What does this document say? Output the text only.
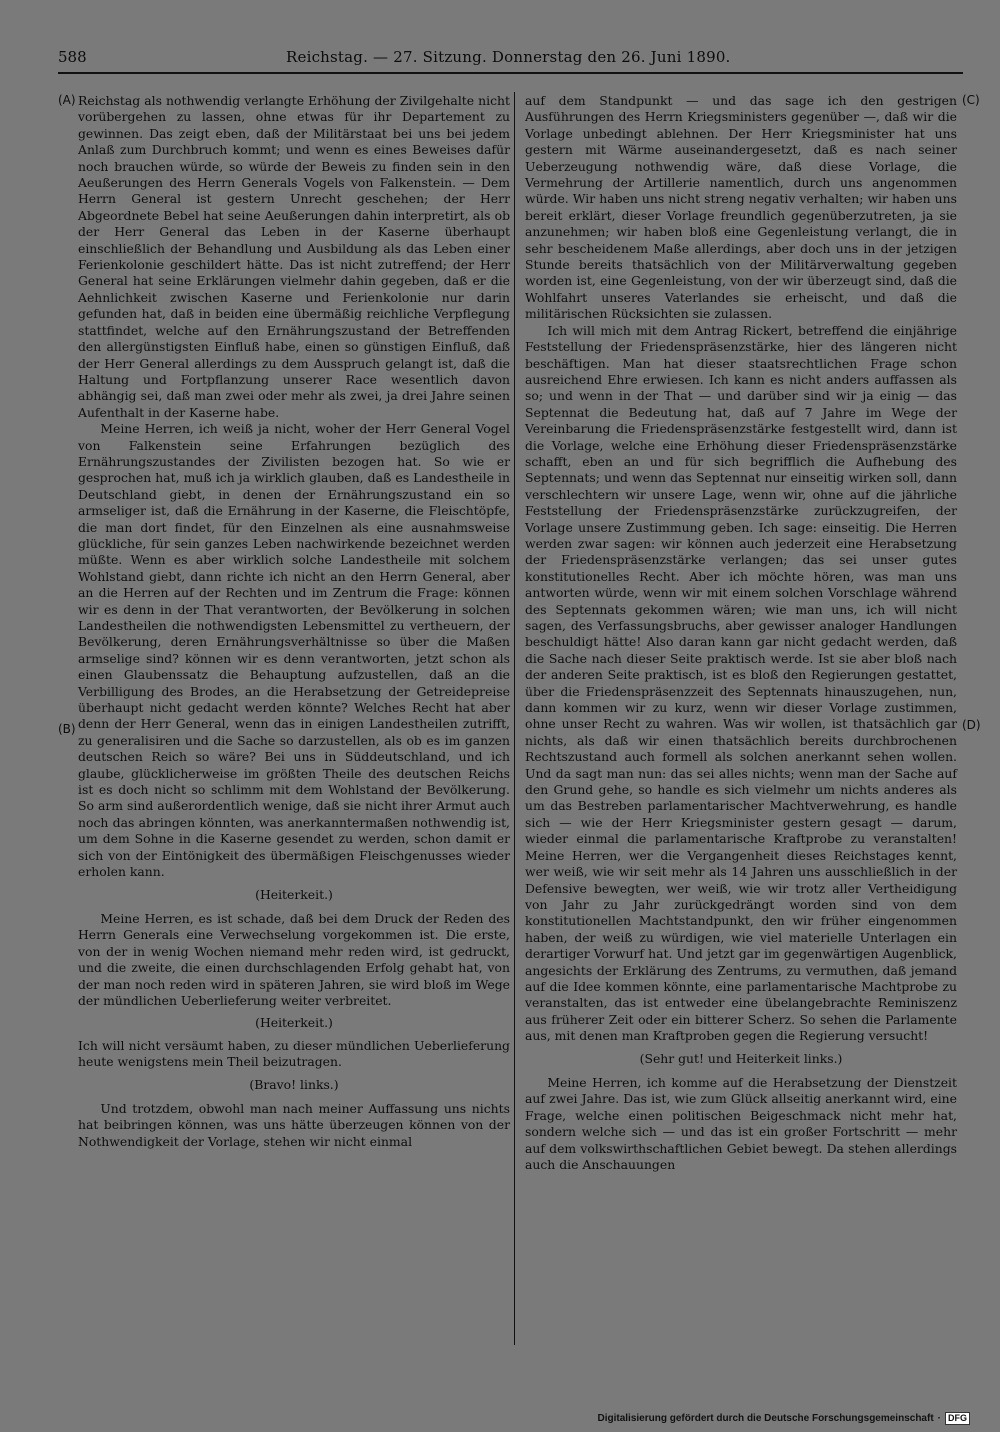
588	Reichstag. — 27. Sitzung. Donnerstag den 26. Juni 1890.
(A)
(B)
(C)
(D)

Reichstag als nothwendig verlangte Erhöhung der Zivilgehalte nicht vorübergehen zu lassen, ohne etwas für ihr Departement zu gewinnen. Das zeigt eben, daß der Militärstaat bei uns bei jedem Anlaß zum Durchbruch kommt; und wenn es eines Beweises dafür noch brauchen würde, so würde der Beweis zu finden sein in den Aeußerungen des Herrn Generals Vogels von Falkenstein. — Dem Herrn General ist gestern Unrecht geschehen; der Herr Abgeordnete Bebel hat seine Aeußerungen dahin interpretirt, als ob der Herr General das Leben in der Kaserne überhaupt einschließlich der Behandlung und Ausbildung als das Leben einer Ferienkolonie geschildert hätte. Das ist nicht zutreffend; der Herr General hat seine Erklärungen vielmehr dahin gegeben, daß er die Aehnlichkeit zwischen Kaserne und Ferienkolonie nur darin gefunden hat, daß in beiden eine übermäßig reichliche Verpflegung stattfindet, welche auf den Ernährungszustand der Betreffenden den allergünstigsten Einfluß habe, einen so günstigen Einfluß, daß der Herr General allerdings zu dem Ausspruch gelangt ist, daß die Haltung und Fortpflanzung unserer Race wesentlich davon abhängig sei, daß man zwei oder mehr als zwei, ja drei Jahre seinen Aufenthalt in der Kaserne habe.

Meine Herren, ich weiß ja nicht, woher der Herr General Vogel von Falkenstein seine Erfahrungen bezüglich des Ernährungszustandes der Zivilisten bezogen hat. So wie er gesprochen hat, muß ich ja wirklich glauben, daß es Landestheile in Deutschland giebt, in denen der Ernährungszustand ein so armseliger ist, daß die Ernährung in der Kaserne, die Fleischtöpfe, die man dort findet, für den Einzelnen als eine ausnahmsweise glückliche, für sein ganzes Leben nachwirkende bezeichnet werden müßte. Wenn es aber wirklich solche Landestheile mit solchem Wohlstand giebt, dann richte ich nicht an den Herrn General, aber an die Herren auf der Rechten und im Zentrum die Frage: können wir es denn in der That verantworten, der Bevölkerung in solchen Landestheilen die nothwendigsten Lebensmittel zu vertheuern, der Bevölkerung, deren Ernährungsverhältnisse so über die Maßen armselige sind? können wir es denn verantworten, jetzt schon als einen Glaubenssatz die Behauptung aufzustellen, daß an die Verbilligung des Brodes, an die Herabsetzung der Getreidepreise überhaupt nicht gedacht werden könnte? Welches Recht hat aber denn der Herr General, wenn das in einigen Landestheilen zutrifft, zu generalisiren und die Sache so darzustellen, als ob es im ganzen deutschen Reich so wäre? Bei uns in Süddeutschland, und ich glaube, glücklicherweise im größten Theile des deutschen Reichs ist es doch nicht so schlimm mit dem Wohlstand der Bevölkerung. So arm sind außerordentlich wenige, daß sie nicht ihrer Armut auch noch das abringen könnten, was anerkanntermaßen nothwendig ist, um dem Sohne in die Kaserne gesendet zu werden, schon damit er sich von der Eintönigkeit des übermäßigen Fleischgenusses wieder erholen kann.

(Heiterkeit.)

Meine Herren, es ist schade, daß bei dem Druck der Reden des Herrn Generals eine Verwechselung vorgekommen ist. Die erste, von der in wenig Wochen niemand mehr reden wird, ist gedruckt, und die zweite, die einen durchschlagenden Erfolg gehabt hat, von der man noch reden wird in späteren Jahren, sie wird bloß im Wege der mündlichen Ueberlieferung weiter verbreitet.

(Heiterkeit.)

Ich will nicht versäumt haben, zu dieser mündlichen Ueberlieferung heute wenigstens mein Theil beizutragen.

(Bravo! links.)

Und trotzdem, obwohl man nach meiner Auffassung uns nichts hat beibringen können, was uns hätte überzeugen können von der Nothwendigkeit der Vorlage, stehen wir nicht einmal

auf dem Standpunkt — und das sage ich den gestrigen Ausführungen des Herrn Kriegsministers gegenüber —, daß wir die Vorlage unbedingt ablehnen. Der Herr Kriegsminister hat uns gestern mit Wärme auseinandergesetzt, daß es nach seiner Ueberzeugung nothwendig wäre, daß diese Vorlage, die Vermehrung der Artillerie namentlich, durch uns angenommen würde. Wir haben uns nicht streng negativ verhalten; wir haben uns bereit erklärt, dieser Vorlage freundlich gegenüberzutreten, ja sie anzunehmen; wir haben bloß eine Gegenleistung verlangt, die in sehr bescheidenem Maße allerdings, aber doch uns in der jetzigen Stunde bereits thatsächlich von der Militärverwaltung gegeben worden ist, eine Gegenleistung, von der wir überzeugt sind, daß die Wohlfahrt unseres Vaterlandes sie erheischt, und daß die militärischen Rücksichten sie zulassen.

Ich will mich mit dem Antrag Rickert, betreffend die einjährige Feststellung der Friedenspräsenzstärke, hier des längeren nicht beschäftigen. Man hat dieser staatsrechtlichen Frage schon ausreichend Ehre erwiesen. Ich kann es nicht anders auffassen als so; und wenn in der That — und darüber sind wir ja einig — das Septennat die Bedeutung hat, daß auf 7 Jahre im Wege der Vereinbarung die Friedenspräsenzstärke festgestellt wird, dann ist die Vorlage, welche eine Erhöhung dieser Friedenspräsenzstärke schafft, eben an und für sich begrifflich die Aufhebung des Septennats; und wenn das Septennat nur einseitig wirken soll, dann verschlechtern wir unsere Lage, wenn wir, ohne auf die jährliche Feststellung der Friedenspräsenzstärke zurückzugreifen, der Vorlage unsere Zustimmung geben. Ich sage: einseitig. Die Herren werden zwar sagen: wir können auch jederzeit eine Herabsetzung der Friedenspräsenzstärke verlangen; das sei unser gutes konstitutionelles Recht. Aber ich möchte hören, was man uns antworten würde, wenn wir mit einem solchen Vorschlage während des Septennats gekommen wären; wie man uns, ich will nicht sagen, des Verfassungsbruchs, aber gewisser analoger Handlungen beschuldigt hätte! Also daran kann gar nicht gedacht werden, daß die Sache nach dieser Seite praktisch werde. Ist sie aber bloß nach der anderen Seite praktisch, ist es bloß den Regierungen gestattet, über die Friedenspräsenzzeit des Septennats hinauszugehen, nun, dann kommen wir zu kurz, wenn wir dieser Vorlage zustimmen, ohne unser Recht zu wahren. Was wir wollen, ist thatsächlich gar nichts, als daß wir einen thatsächlich bereits durchbrochenen Rechtszustand auch formell als solchen anerkannt sehen wollen. Und da sagt man nun: das sei alles nichts; wenn man der Sache auf den Grund gehe, so handle es sich vielmehr um nichts anderes als um das Bestreben parlamentarischer Machtverwehrung, es handle sich — wie der Herr Kriegsminister gestern gesagt — darum, wieder einmal die parlamentarische Kraftprobe zu veranstalten! Meine Herren, wer die Vergangenheit dieses Reichstages kennt, wer weiß, wie wir seit mehr als 14 Jahren uns ausschließlich in der Defensive bewegten, wer weiß, wie wir trotz aller Vertheidigung von Jahr zu Jahr zurückgedrängt worden sind von dem konstitutionellen Machtstandpunkt, den wir früher eingenommen haben, der weiß zu würdigen, wie viel materielle Unterlagen ein derartiger Vorwurf hat. Und jetzt gar im gegenwärtigen Augenblick, angesichts der Erklärung des Zentrums, zu vermuthen, daß jemand auf die Idee kommen könnte, eine parlamentarische Machtprobe zu veranstalten, das ist entweder eine übelangebrachte Reminiszenz aus früherer Zeit oder ein bitterer Scherz. So sehen die Parlamente aus, mit denen man Kraftproben gegen die Regierung versucht!

(Sehr gut! und Heiterkeit links.)

Meine Herren, ich komme auf die Herabsetzung der Dienstzeit auf zwei Jahre. Das ist, wie zum Glück allseitig anerkannt wird, eine Frage, welche einen politischen Beigeschmack nicht mehr hat, sondern welche sich — und das ist ein großer Fortschritt — mehr auf dem volkswirthschaftlichen Gebiet bewegt. Da stehen allerdings auch die Anschauungen

Digitalisierung gefördert durch die Deutsche Forschungsgemeinschaft · DFG
